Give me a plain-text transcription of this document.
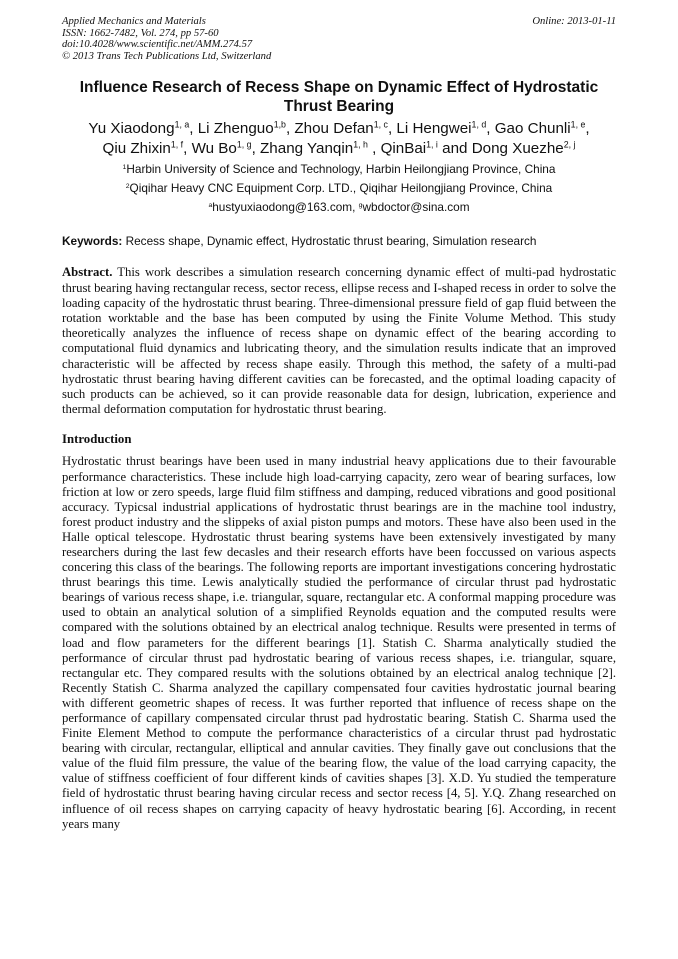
Online: 2013-01-11
Applied Mechanics and Materials
ISSN: 1662-7482, Vol. 274, pp 57-60
doi:10.4028/www.scientific.net/AMM.274.57
© 2013 Trans Tech Publications Ltd, Switzerland
Influence Research of Recess Shape on Dynamic Effect of Hydrostatic Thrust Bearing
Yu Xiaodong$^{1, a}$, Li Zhenguo$^{1,b}$, Zhou Defan$^{1, c}$, Li Hengwei$^{1, d}$, Gao Chunli$^{1, e}$,
Qiu Zhixin$^{1, f}$, Wu Bo$^{1, g}$, Zhang Yanqin$^{1, h}$ , QinBai$^{1, i}$ and Dong Xuezhe$^{2, j}$
$^1$Harbin University of Science and Technology, Harbin Heilongjiang Province, China
$^2$Qiqihar Heavy CNC Equipment Corp. LTD., Qiqihar Heilongjiang Province, China
$^a$hustyuxiaodong@163.com, $^g$wbdoctor@sina.com
Keywords: Recess shape, Dynamic effect, Hydrostatic thrust bearing, Simulation research
Abstract. This work describes a simulation research concerning dynamic effect of multi-pad hydrostatic thrust bearing having rectangular recess, sector recess, ellipse recess and I-shaped recess in order to solve the loading capacity of the hydrostatic thrust bearing. Three-dimensional pressure field of gap fluid between the rotation worktable and the base has been computed by using the Finite Volume Method. This study theoretically analyzes the influence of recess shape on dynamic effect of the bearing according to computational fluid dynamics and lubricating theory, and the simulation results indicate that an improved characteristic will be affected by recess shape easily. Through this method, the safety of a multi-pad hydrostatic thrust bearing having different cavities can be forecasted, and the optimal loading capacity of such products can be achieved, so it can provide reasonable data for design, lubrication, experience and thermal deformation computation for hydrostatic thrust bearing.
Introduction
Hydrostatic thrust bearings have been used in many industrial heavy applications due to their favourable performance characteristics. These include high load-carrying capacity, zero wear of bearing surfaces, low friction at low or zero speeds, large fluid film stiffness and damping, reduced vibrations and good positional accuracy. Typicsal industrial applications of hydrostatic thrust bearings are in the machine tool industry, forest product industry and the slippeks of axial piston pumps and motors. These have also been used in the Halle optical telescope. Hydrostatic thrust bearing systems have been extensively investigated by many researchers during the last few decasles and their research efforts have been foccussed on various aspects concering this class of the bearings. The following reports are important investigations concering hydrostatic thrust bearings this time. Lewis analytically studied the performance of circular thrust pad hydrostatic bearings of various recess shape, i.e. triangular, square, rectangular etc. A conformal mapping procedure was used to obtain an analytical solution of a simplified Reynolds equation and the computed results were compared with the solutions obtained by an electrical analog technique. Results were presented in terms of load and flow parameters for the different bearings [1]. Statish C. Sharma analytically studied the performance of circular thrust pad hydrostatic bearing of various recess shapes, i.e. triangular, square, rectangular etc. They compared results with the solutions obtained by an electrical analog technique [2]. Recently Statish C. Sharma analyzed the capillary compensated four cavities hydrostatic journal bearing with different geometric shapes of recess. It was further reported that influence of recess shape on the performance of capillary compensated circular thrust pad hydrostatic bearing. Statish C. Sharma used the Finite Element Method to compute the performance characteristics of a circular thrust pad hydrostatic bearing with circular, rectangular, elliptical and annular cavities. They finally gave out conclusions that the value of the fluid film pressure, the value of the bearing flow, the value of the load carrying capacity, the value of stiffness coefficient of four different kinds of cavities shapes [3]. X.D. Yu studied the temperature field of hydrostatic thrust bearing having circular recess and sector recess [4, 5]. Y.Q. Zhang researched on influence of oil recess shapes on carrying capacity of heavy hydrostatic bearing [6]. According, in recent years many
